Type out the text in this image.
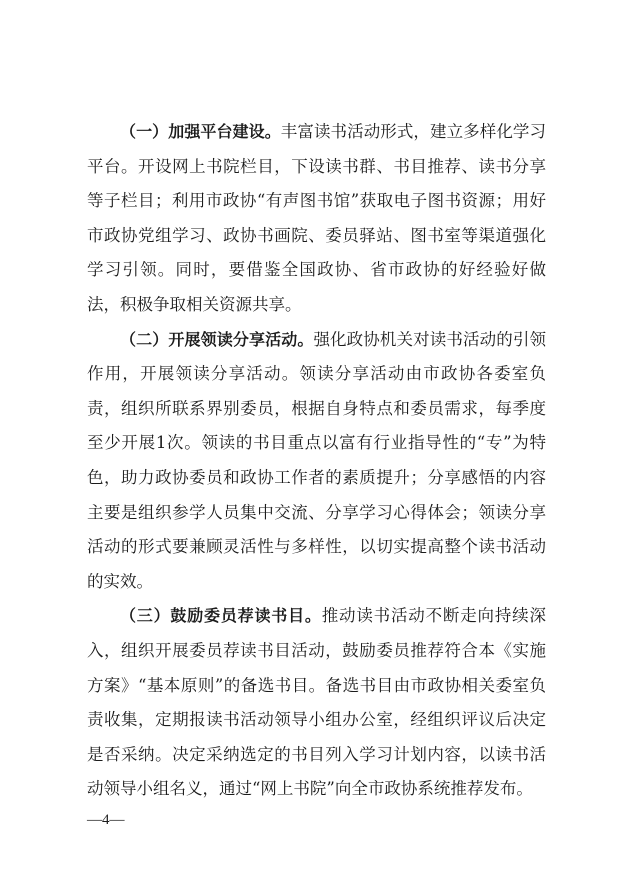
（一）加强平台建设。丰富读书活动形式，建立多样化学习平台。开设网上书院栏目，下设读书群、书目推荐、读书分享等子栏目；利用市政协“有声图书馆”获取电子图书资源；用好市政协党组学习、政协书画院、委员驿站、图书室等渠道强化学习引领。同时，要借鉴全国政协、省市政协的好经验好做法，积极争取相关资源共享。

（二）开展领读分享活动。强化政协机关对读书活动的引领作用，开展领读分享活动。领读分享活动由市政协各委室负责，组织所联系界别委员，根据自身特点和委员需求，每季度至少开展1次。领读的书目重点以富有行业指导性的“专”为特色，助力政协委员和政协工作者的素质提升；分享感悟的内容主要是组织参学人员集中交流、分享学习心得体会；领读分享活动的形式要兼顾灵活性与多样性，以切实提高整个读书活动的实效。

（三）鼓励委员荐读书目。推动读书活动不断走向持续深入，组织开展委员荐读书目活动，鼓励委员推荐符合本《实施方案》“基本原则”的备选书目。备选书目由市政协相关委室负责收集，定期报读书活动领导小组办公室，经组织评议后决定是否采纳。决定采纳选定的书目列入学习计划内容，以读书活动领导小组名义，通过“网上书院”向全市政协系统推荐发布。

—4—
